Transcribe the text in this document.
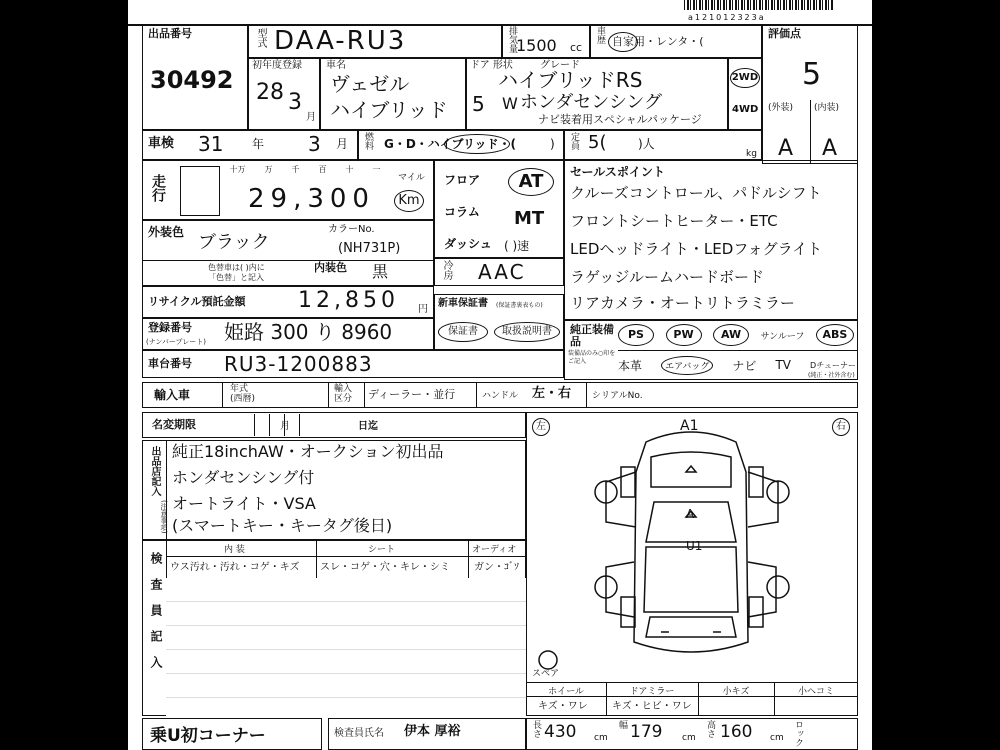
a121012323a
出品番号
30492
型式 DAA-RU3	排気量 1500 cc
車歴 自家用・レンタ・(
評価点
5
(外装) (内装)
A A
初年度登録
28 3
月
車名
ヴェゼル
ハイブリッド
ドア 形状	グレード
ハイブリッドRS
5 W ホンダセンシング
ナビ装着用スペシャルパッケージ
2WD
4WD
車検 31 年 3 月 燃料 G・D・ハイブリッド・(	) 定員 5(	)人
kg
走行
十万 万 千 百 十 一
29,300
マイル
Km
外装色 ブラック
カラーNo.
(NH731P)
色替車は( )内に
「色替」と記入
内装色 黒
フロア
コラム
ダッシュ
AT
MT
( )速
冷房 AAC
セールスポイント
クルーズコントロール、パドルシフト
フロントシートヒーター・ETC
LEDヘッドライト・LEDフォグライト
ラゲッジルームハードボード
リアカメラ・オートリトラミラー
リサイクル預託金額 12,850 円
新車保証書 (保証書裏表もの)
保証書	取扱説明書
登録番号
(ナンバープレート) 姫路 300 り 8960	純正装備品
装備品のみ○印をご記入
PS	PW	AW	サンルーフ	ABS
本革	エアバッグ	ナビ TV Dチューナー
(純正・社外含む)
車台番号 RU3-1200883
輸入車	年式(西暦)
輸入区分	ディーラー・並行	ハンドル 左・右 シリアルNo.
名変期限	月	日迄
出品店記入
(注意事項)
純正18inchAW・オークション初出品
ホンダセンシング付
オートライト・VSA
(スマートキー・キータグ後日)
検査員記入
内 装	シート	オーディオ
ウス汚れ・汚れ・コゲ・キズ スレ・コゲ・穴・キレ・シミ ガン・ｺﾞｿ
左	右
A1
U1
A
スペア
ホイール	ドアミラー	小キズ	小ヘコミ
キズ・ワレ キズ・ヒビ・ワレ
乗U初コーナー	検査員氏名 伊本 厚裕	長さ 430 cm
幅 179 cm 高さ 160 cm ロック
